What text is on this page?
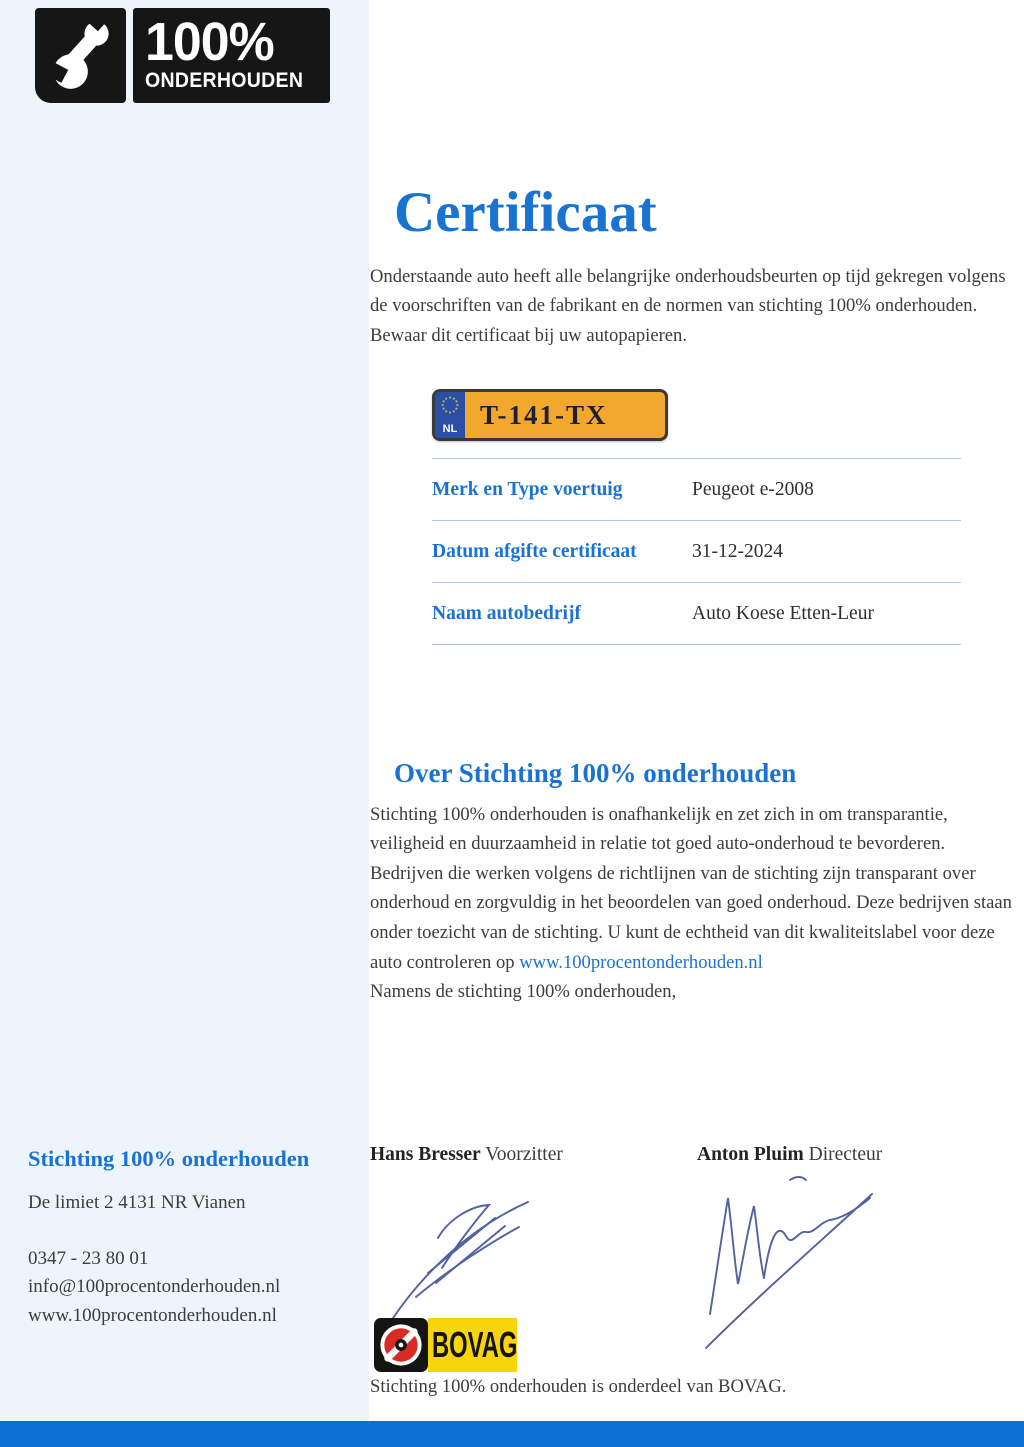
100%
ONDERHOUDEN
Certificaat

Onderstaande auto heeft alle belangrijke onderhoudsbeurten op tijd gekregen volgens de voorschriften van de fabrikant en de normen van stichting 100% onderhouden. Bewaar dit certificaat bij uw autopapieren.

NL T-141-TX
Merk en Type voertuig	Peugeot e-2008
Datum afgifte certificaat	31-12-2024
Naam autobedrijf	Auto Koese Etten-Leur
Over Stichting 100% onderhouden

Stichting 100% onderhouden is onafhankelijk en zet zich in om transparantie, veiligheid en duurzaamheid in relatie tot goed auto-onderhoud te bevorderen. Bedrijven die werken volgens de richtlijnen van de stichting zijn transparant over onderhoud en zorgvuldig in het beoordelen van goed onderhoud. Deze bedrijven staan onder toezicht van de stichting. U kunt de echtheid van dit kwaliteitslabel voor deze auto controleren op www.100procentonderhouden.nl
Namens de stichting 100% onderhouden,

Stichting 100% onderhouden
De limiet 2 4131 NR Vianen
0347 - 23 80 01
info@100procentonderhouden.nl
www.100procentonderhouden.nl
Hans Bresser Voorzitter	Anton Pluim Directeur
BOVAG
Stichting 100% onderhouden is onderdeel van BOVAG.
